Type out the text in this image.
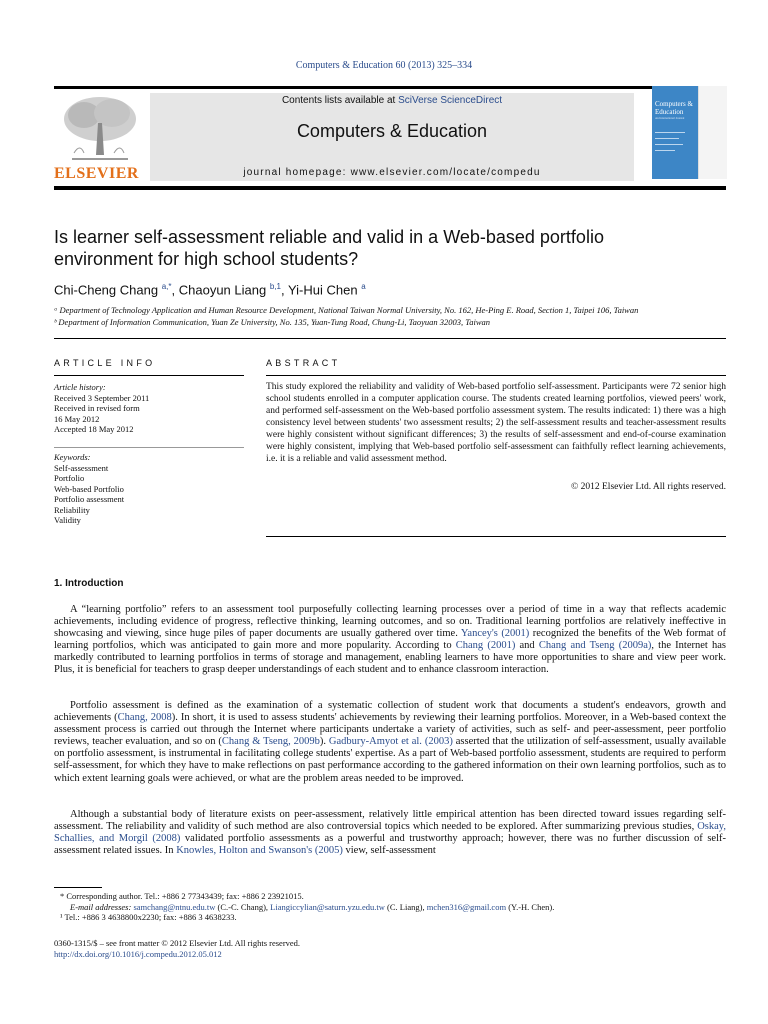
Computers & Education 60 (2013) 325–334
ELSEVIER
Contents lists available at SciVerse ScienceDirect
Computers & Education
journal homepage: www.elsevier.com/locate/compedu
Computers & Education
An International Journal
Is learner self-assessment reliable and valid in a Web-based portfolio environment for high school students?
Chi-Cheng Chang $^{a,*}$, Chaoyun Liang $^{b,1}$, Yi-Hui Chen $^a$
ᵃ Department of Technology Application and Human Resource Development, National Taiwan Normal University, No. 162, He-Ping E. Road, Section 1, Taipei 106, Taiwan
ᵇ Department of Information Communication, Yuan Ze University, No. 135, Yuan-Tung Road, Chung-Li, Taoyuan 32003, Taiwan
ARTICLE INFO
Article history:
Received 3 September 2011
Received in revised form
16 May 2012
Accepted 18 May 2012
Keywords:
Self-assessment
Portfolio
Web-based Portfolio
Portfolio assessment
Reliability
Validity
ABSTRACT
This study explored the reliability and validity of Web-based portfolio self-assessment. Participants were 72 senior high school students enrolled in a computer application course. The students created learning portfolios, viewed peers' work, and performed self-assessment on the Web-based portfolio assessment system. The results indicated: 1) there was a high consistency level between students' two assessment results; 2) the self-assessment results and teacher-assessment results were highly consistent without significant differences; 3) the results of self-assessment and end-of-course examination were highly consistent, implying that Web-based portfolio self-assessment can faithfully reflect learning achievements, i.e. it is a reliable and valid assessment method.
© 2012 Elsevier Ltd. All rights reserved.
1. Introduction
A “learning portfolio” refers to an assessment tool purposefully collecting learning processes over a period of time in a way that reflects academic achievements, including evidence of progress, reflective thinking, learning outcomes, and so on. Traditional learning portfolios are relatively ineffective in showcasing and viewing, since huge piles of paper documents are usually gathered over time. Yancey's (2001) recognized the benefits of the Web format of learning portfolios, which was anticipated to gain more and more popularity. According to Chang (2001) and Chang and Tseng (2009a), the Internet has markedly contributed to learning portfolios in terms of storage and management, enabling learners to have more opportunities to share and view peer work. Plus, it is beneficial for teachers to grasp deeper understandings of each student and to enhance classroom interaction.
Portfolio assessment is defined as the examination of a systematic collection of student work that documents a student's endeavors, growth and achievements (Chang, 2008). In short, it is used to assess students' achievements by reviewing their learning portfolios. Moreover, in a Web-based context the assessment process is carried out through the Internet where participants undertake a variety of activities, such as self- and peer-assessment, peer portfolio reviews, teacher evaluation, and so on (Chang & Tseng, 2009b). Gadbury-Amyot et al. (2003) asserted that the utilization of self-assessment, usually available on portfolio assessment, is instrumental in facilitating college students' expertise. As a part of Web-based portfolio assessment, students are required to perform self-assessment, for which they have to make reflections on past performance according to the gathered information on their own learning portfolios, such as to which extent learning goals were achieved, or what are the problem areas needed to be improved.
Although a substantial body of literature exists on peer-assessment, relatively little empirical attention has been directed toward issues regarding self-assessment. The reliability and validity of such method are also controversial topics which needed to be explored. After summarizing previous studies, Oskay, Schallies, and Morgil (2008) validated portfolio assessments as a powerful and trustworthy approach; however, there was no further discussion of self-assessment related issues. In Knowles, Holton and Swanson's (2005) view, self-assessment
* Corresponding author. Tel.: +886 2 77343439; fax: +886 2 23921015.
E-mail addresses: samchang@ntnu.edu.tw (C.-C. Chang), Liangiccylian@saturn.yzu.edu.tw (C. Liang), mchen316@gmail.com (Y.-H. Chen).
¹ Tel.: +886 3 4638800x2230; fax: +886 3 4638233.
0360-1315/$ – see front matter © 2012 Elsevier Ltd. All rights reserved.
http://dx.doi.org/10.1016/j.compedu.2012.05.012
